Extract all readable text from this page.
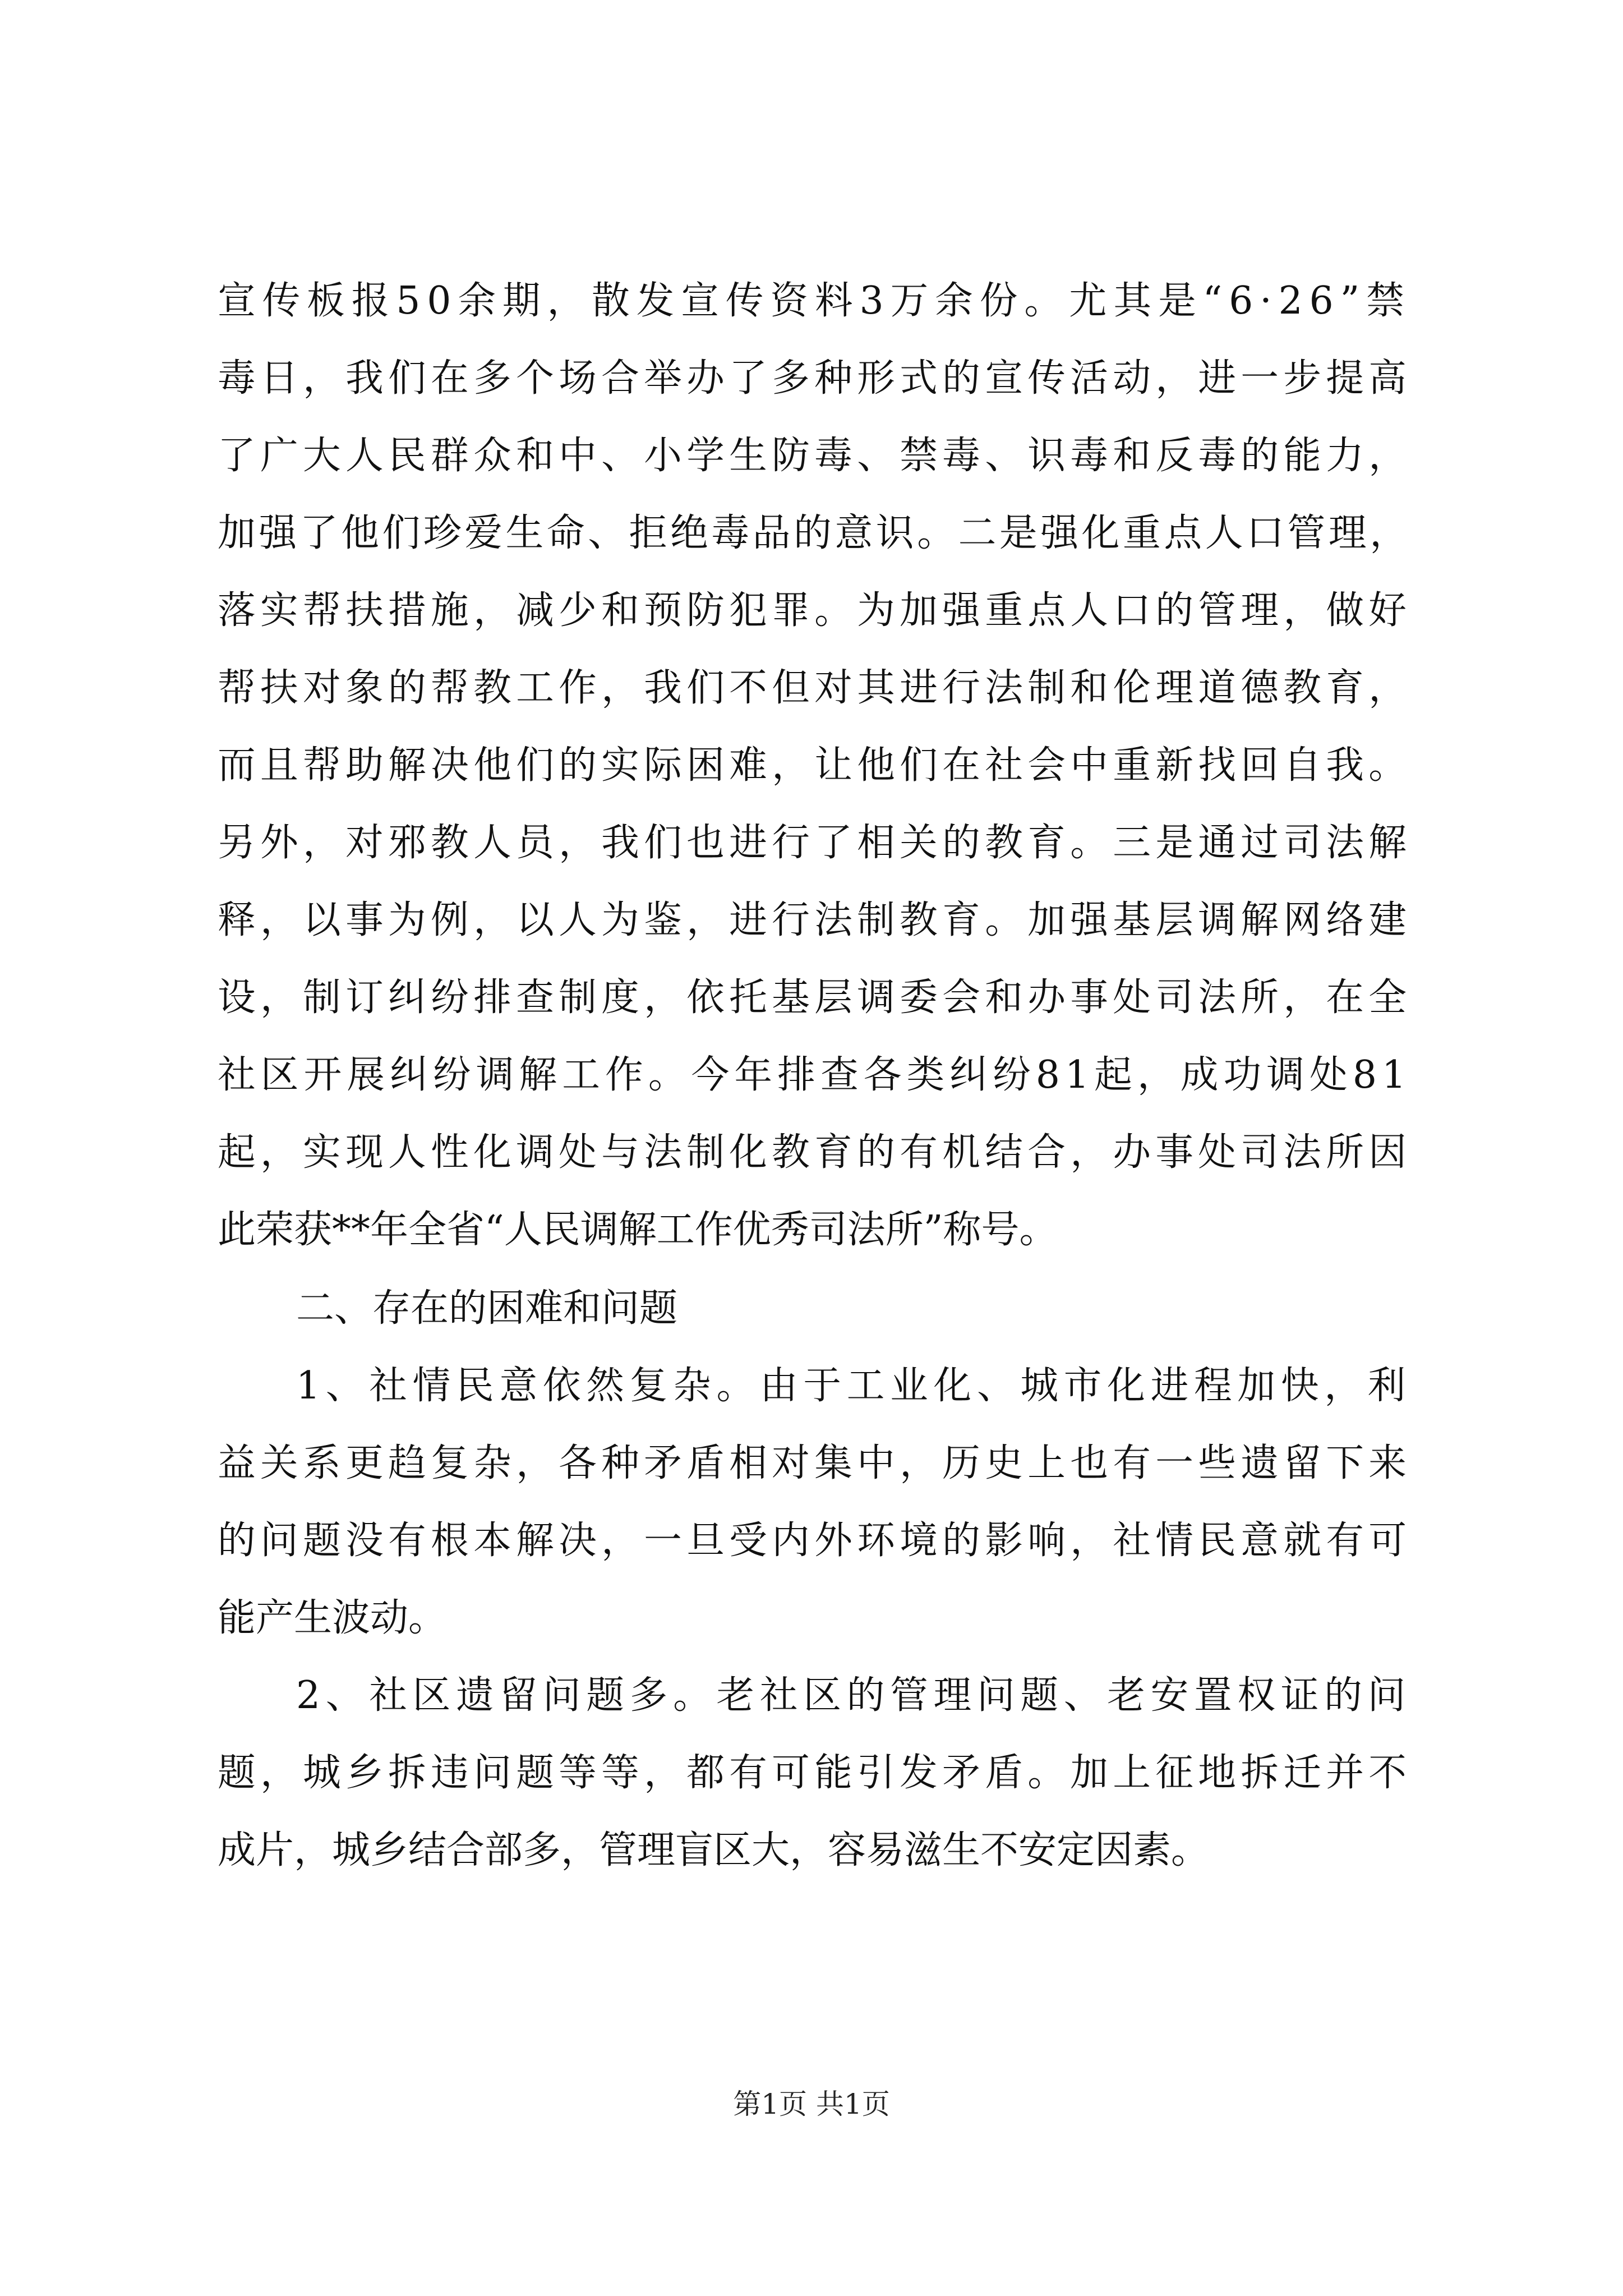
宣传板报50余期，散发宣传资料3万余份。尤其是“6·26”禁
毒日，我们在多个场合举办了多种形式的宣传活动，进一步提高
了广大人民群众和中、小学生防毒、禁毒、识毒和反毒的能力，
加强了他们珍爱生命、拒绝毒品的意识。二是强化重点人口管理，
落实帮扶措施，减少和预防犯罪。为加强重点人口的管理，做好
帮扶对象的帮教工作，我们不但对其进行法制和伦理道德教育，
而且帮助解决他们的实际困难，让他们在社会中重新找回自我。
另外，对邪教人员，我们也进行了相关的教育。三是通过司法解
释，以事为例，以人为鉴，进行法制教育。加强基层调解网络建
设，制订纠纷排查制度，依托基层调委会和办事处司法所，在全
社区开展纠纷调解工作。今年排查各类纠纷81起，成功调处81
起，实现人性化调处与法制化教育的有机结合，办事处司法所因
此荣获**年全省“人民调解工作优秀司法所”称号。
二、存在的困难和问题
1、社情民意依然复杂。由于工业化、城市化进程加快，利
益关系更趋复杂，各种矛盾相对集中，历史上也有一些遗留下来
的问题没有根本解决，一旦受内外环境的影响，社情民意就有可
能产生波动。
2、社区遗留问题多。老社区的管理问题、老安置权证的问
题，城乡拆违问题等等，都有可能引发矛盾。加上征地拆迁并不
成片，城乡结合部多，管理盲区大，容易滋生不安定因素。
第1页 共1页
